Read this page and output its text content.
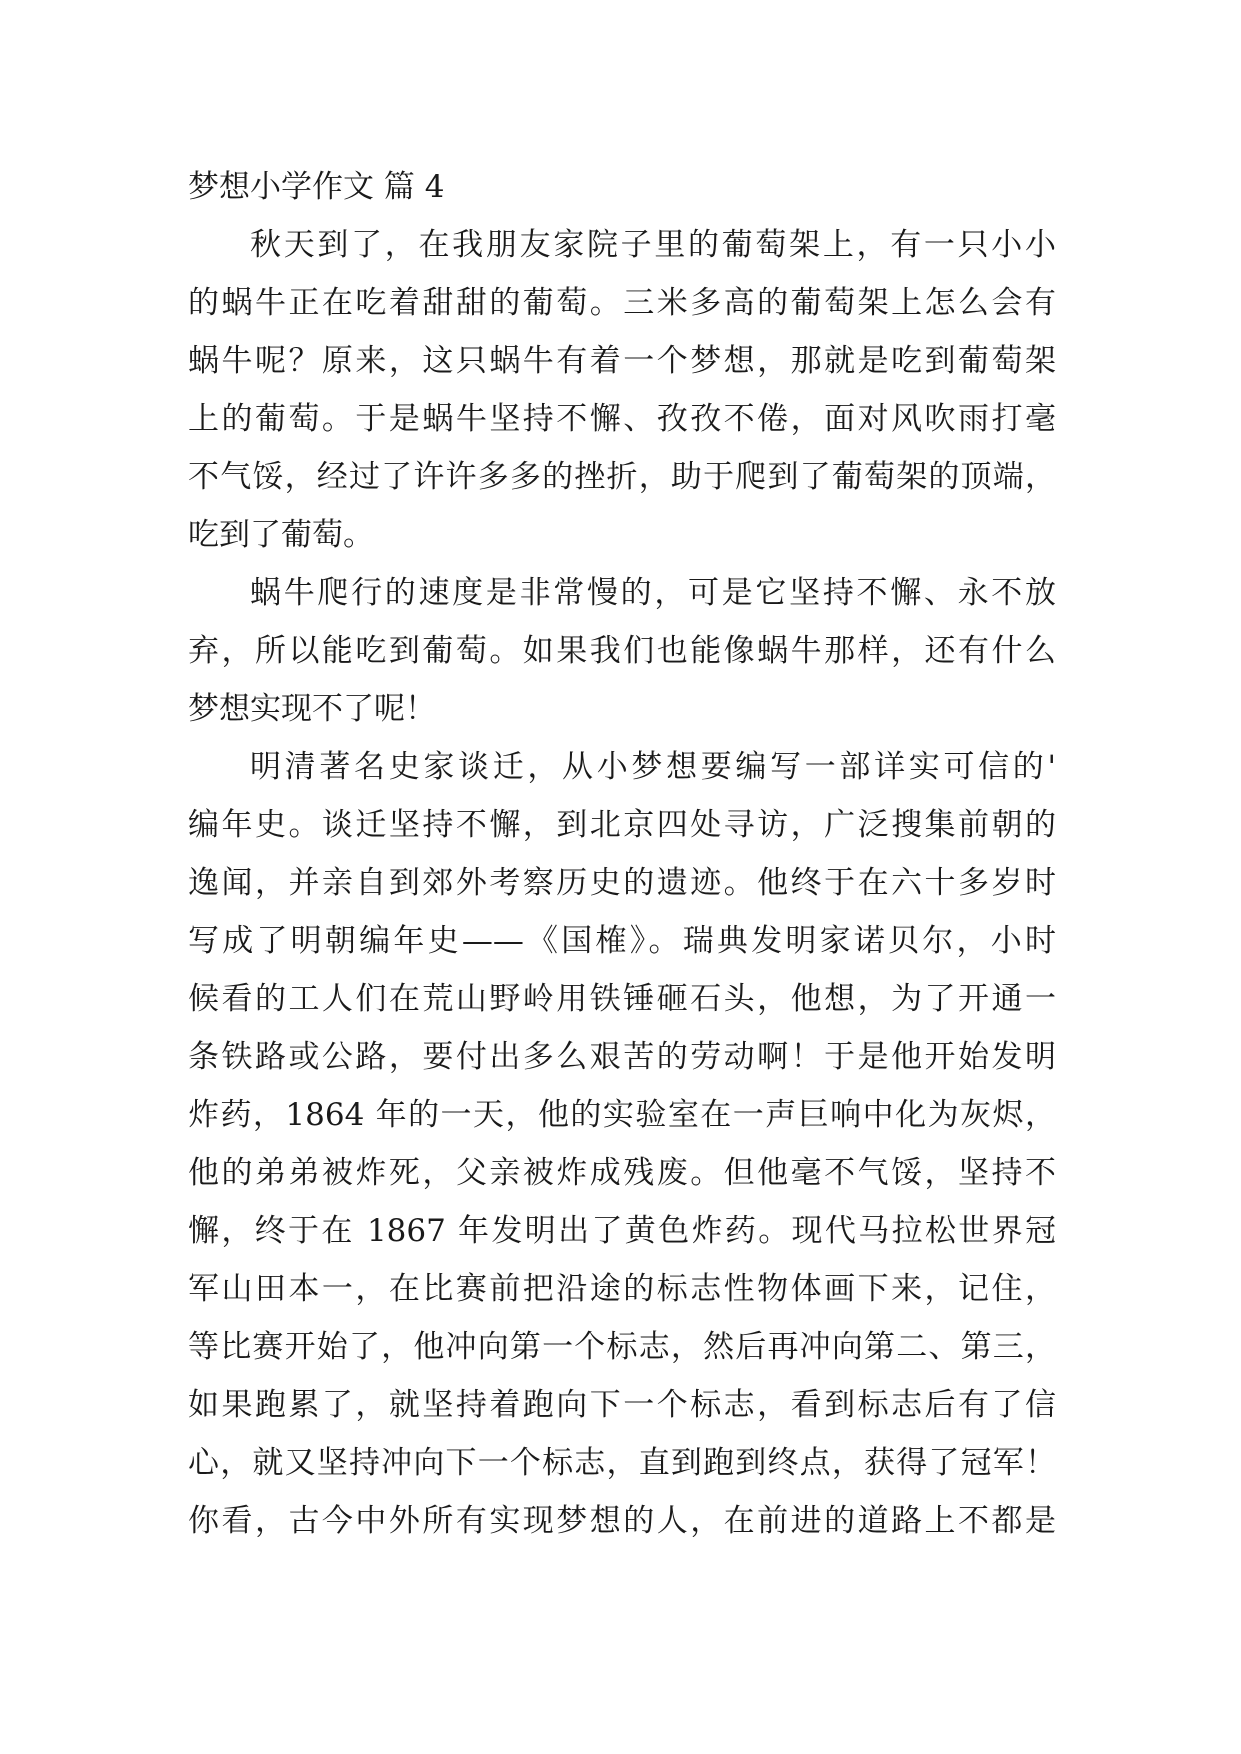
梦想小学作文 篇 4

秋天到了，在我朋友家院子里的葡萄架上，有一只小小
的蜗牛正在吃着甜甜的葡萄。三米多高的葡萄架上怎么会有
蜗牛呢？原来，这只蜗牛有着一个梦想，那就是吃到葡萄架
上的葡萄。于是蜗牛坚持不懈、孜孜不倦，面对风吹雨打毫
不气馁，经过了许许多多的挫折，助于爬到了葡萄架的顶端，
吃到了葡萄。

蜗牛爬行的速度是非常慢的，可是它坚持不懈、永不放
弃，所以能吃到葡萄。如果我们也能像蜗牛那样，还有什么
梦想实现不了呢！

明清著名史家谈迁，从小梦想要编写一部详实可信的'
编年史。谈迁坚持不懈，到北京四处寻访，广泛搜集前朝的
逸闻，并亲自到郊外考察历史的遗迹。他终于在六十多岁时
写成了明朝编年史——《国榷》。瑞典发明家诺贝尔，小时
候看的工人们在荒山野岭用铁锤砸石头，他想，为了开通一
条铁路或公路，要付出多么艰苦的劳动啊！于是他开始发明
炸药，1864 年的一天，他的实验室在一声巨响中化为灰烬，
他的弟弟被炸死，父亲被炸成残废。但他毫不气馁，坚持不
懈，终于在 1867 年发明出了黄色炸药。现代马拉松世界冠
军山田本一，在比赛前把沿途的标志性物体画下来，记住，
等比赛开始了，他冲向第一个标志，然后再冲向第二、第三，
如果跑累了，就坚持着跑向下一个标志，看到标志后有了信
心，就又坚持冲向下一个标志，直到跑到终点，获得了冠军！
你看，古今中外所有实现梦想的人，在前进的道路上不都是
